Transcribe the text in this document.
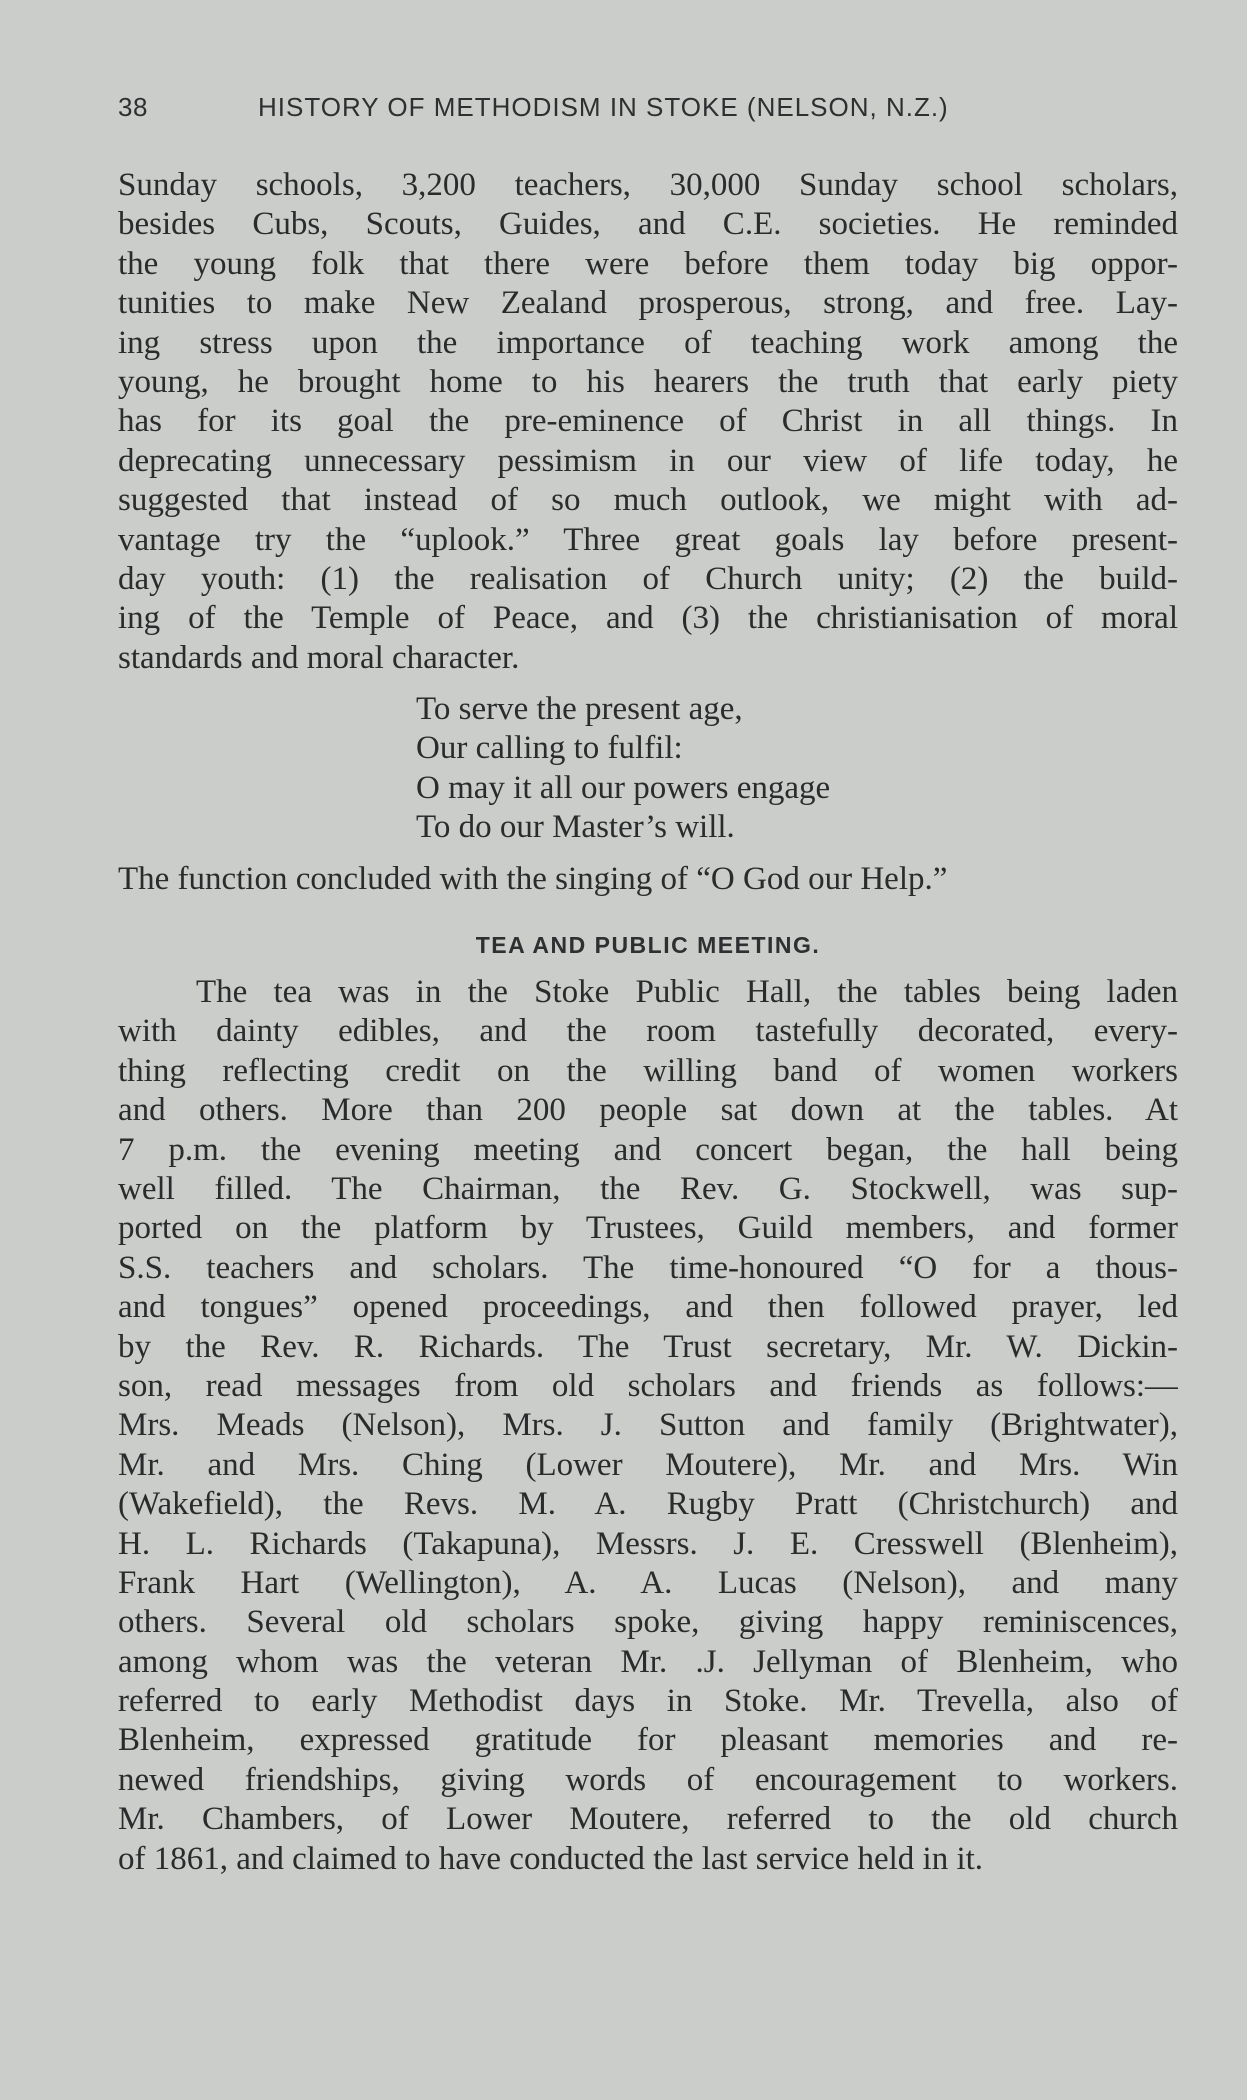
38	HISTORY OF METHODISM IN STOKE (NELSON, N.Z.)
Sunday schools, 3,200 teachers, 30,000 Sunday school scholars,
besides Cubs, Scouts, Guides, and C.E. societies. He reminded
the young folk that there were before them today big oppor-
tunities to make New Zealand prosperous, strong, and free. Lay-
ing stress upon the importance of teaching work among the
young, he brought home to his hearers the truth that early piety
has for its goal the pre-eminence of Christ in all things. In
deprecating unnecessary pessimism in our view of life today, he
suggested that instead of so much outlook, we might with ad-
vantage try the “uplook.” Three great goals lay before present-
day youth: (1) the realisation of Church unity; (2) the build-
ing of the Temple of Peace, and (3) the christianisation of moral
standards and moral character.
To serve the present age,
Our calling to fulfil:
O may it all our powers engage
To do our Master’s will.
The function concluded with the singing of “O God our Help.”
TEA AND PUBLIC MEETING.
The tea was in the Stoke Public Hall, the tables being laden
with dainty edibles, and the room tastefully decorated, every-
thing reflecting credit on the willing band of women workers
and others. More than 200 people sat down at the tables. At
7 p.m. the evening meeting and concert began, the hall being
well filled. The Chairman, the Rev. G. Stockwell, was sup-
ported on the platform by Trustees, Guild members, and former
S.S. teachers and scholars. The time-honoured “O for a thous-
and tongues” opened proceedings, and then followed prayer, led
by the Rev. R. Richards. The Trust secretary, Mr. W. Dickin-
son, read messages from old scholars and friends as follows:—
Mrs. Meads (Nelson), Mrs. J. Sutton and family (Brightwater),
Mr. and Mrs. Ching (Lower Moutere), Mr. and Mrs. Win
(Wakefield), the Revs. M. A. Rugby Pratt (Christchurch) and
H. L. Richards (Takapuna), Messrs. J. E. Cresswell (Blenheim),
Frank Hart (Wellington), A. A. Lucas (Nelson), and many
others. Several old scholars spoke, giving happy reminiscences,
among whom was the veteran Mr. .J. Jellyman of Blenheim, who
referred to early Methodist days in Stoke. Mr. Trevella, also of
Blenheim, expressed gratitude for pleasant memories and re-
newed friendships, giving words of encouragement to workers.
Mr. Chambers, of Lower Moutere, referred to the old church
of 1861, and claimed to have conducted the last service held in it.
